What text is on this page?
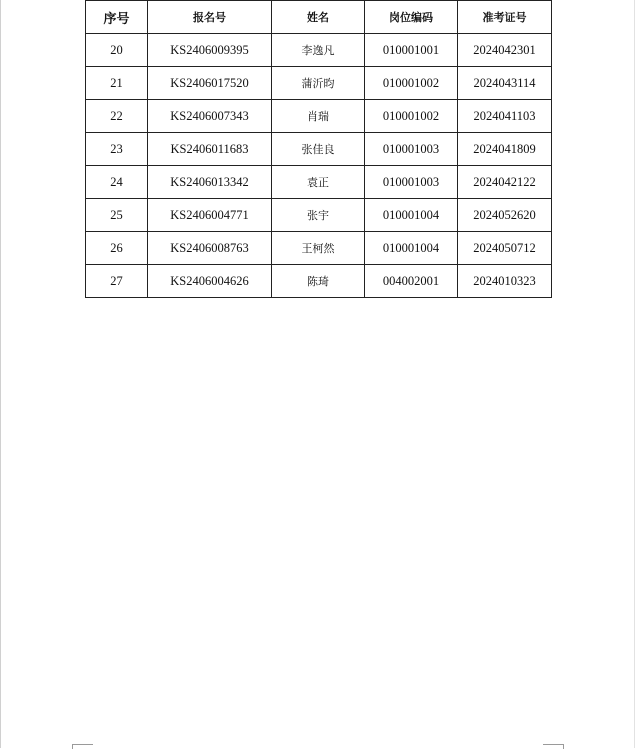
序号	报名号	姓名	岗位编码	准考证号
20	KS2406009395	李逸凡	010001001	2024042301
21	KS2406017520	蒲沂昀	010001002	2024043114
22	KS2406007343	肖瑞	010001002	2024041103
23	KS2406011683	张佳良	010001003	2024041809
24	KS2406013342	袁正	010001003	2024042122
25	KS2406004771	张宇	010001004	2024052620
26	KS2406008763	王柯然	010001004	2024050712
27	KS2406004626	陈琦	004002001	2024010323
